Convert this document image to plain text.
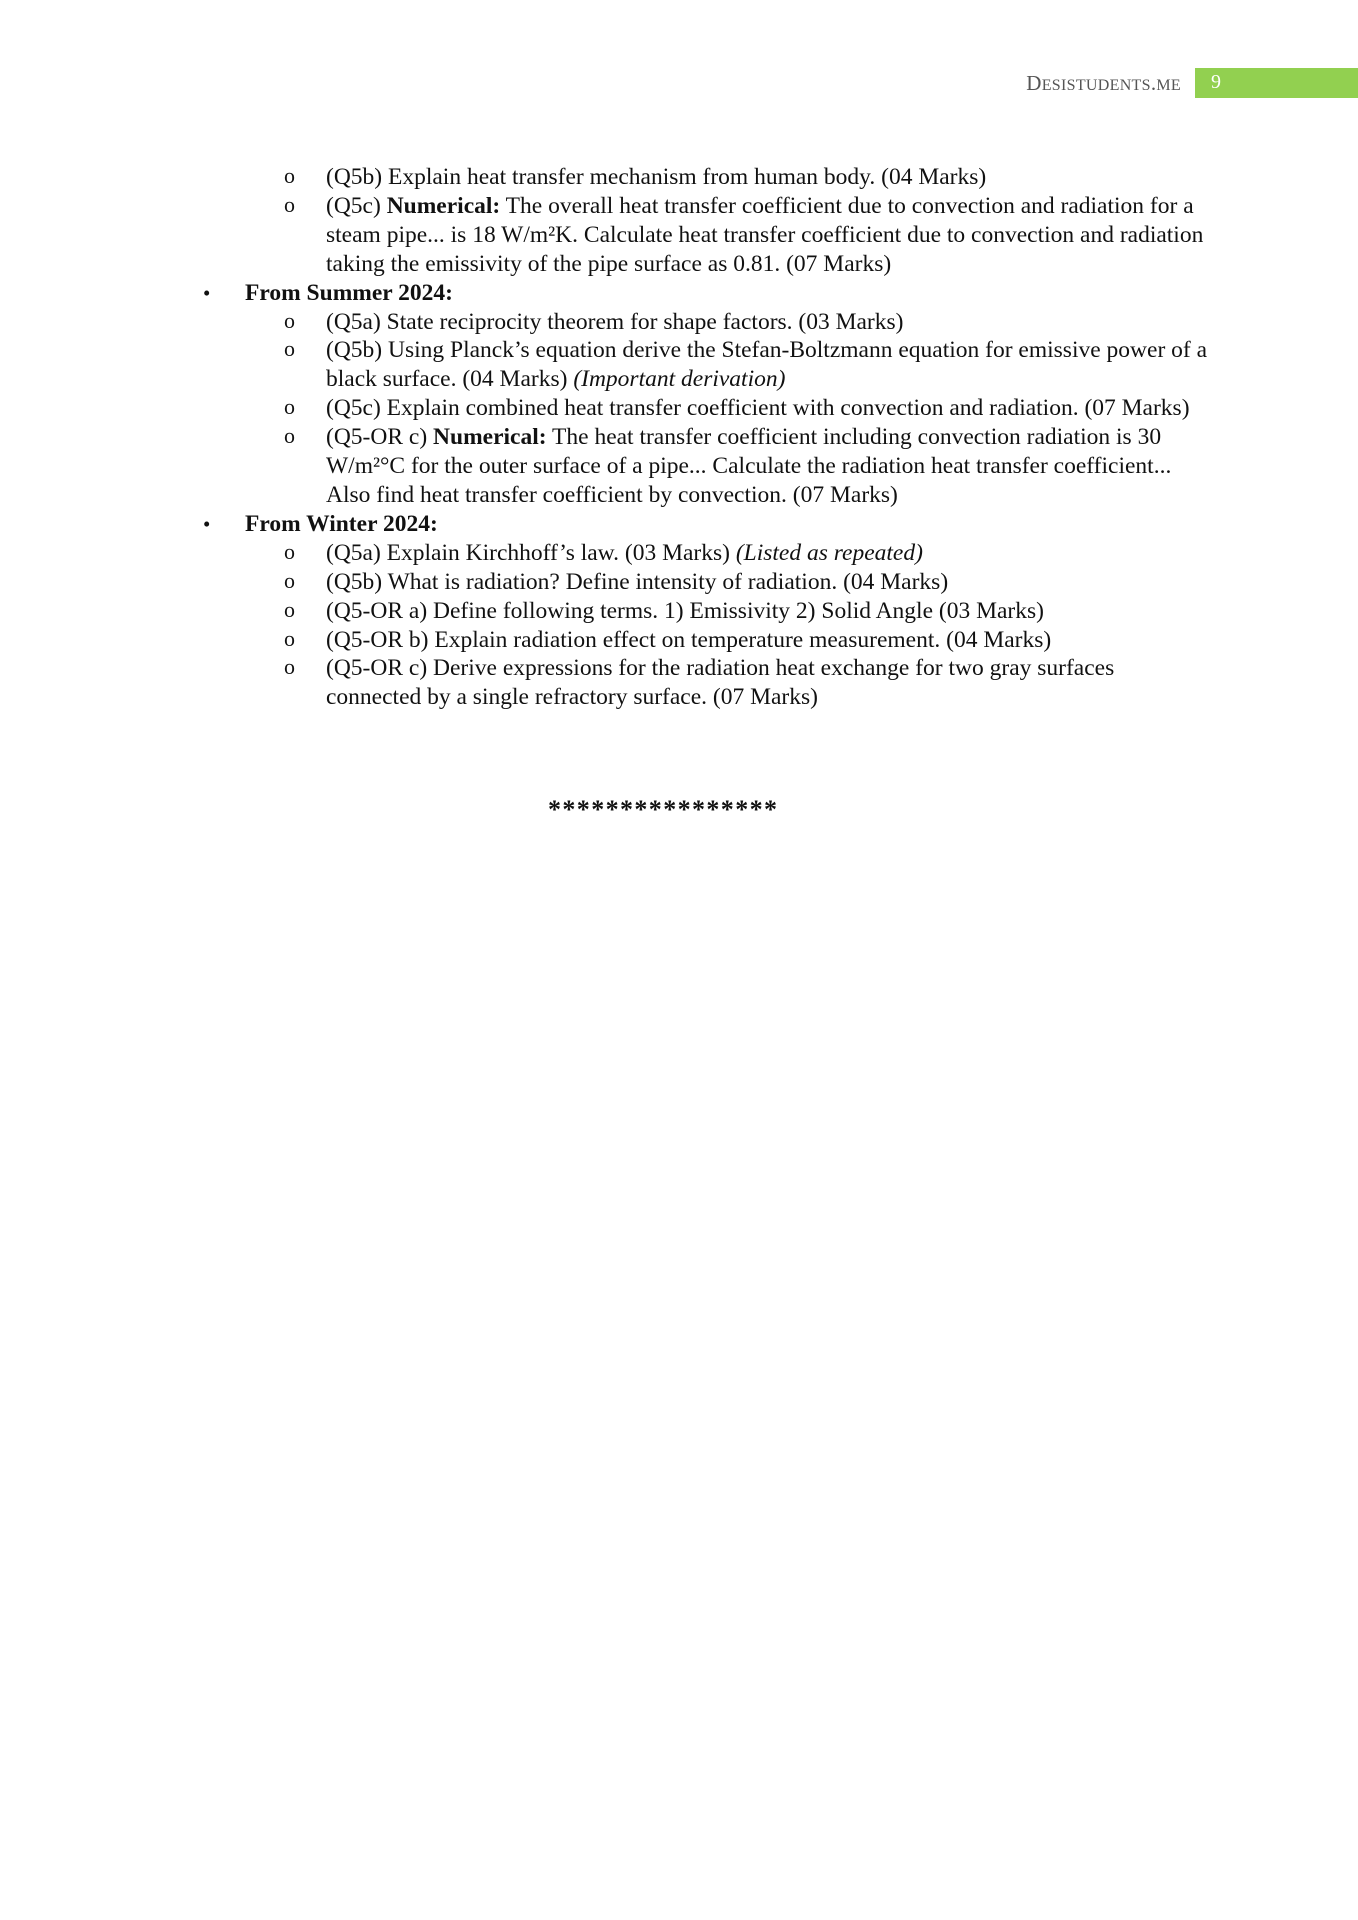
DESISTUDENTS.ME	9
o (Q5b) Explain heat transfer mechanism from human body. (04 Marks)
o (Q5c) Numerical: The overall heat transfer coefficient due to convection and radiation for a steam pipe... is 18 W/m²K. Calculate heat transfer coefficient due to convection and radiation taking the emissivity of the pipe surface as 0.81. (07 Marks)
• From Summer 2024:
o (Q5a) State reciprocity theorem for shape factors. (03 Marks)
o (Q5b) Using Planck’s equation derive the Stefan-Boltzmann equation for emissive power of a black surface. (04 Marks) (Important derivation)
o (Q5c) Explain combined heat transfer coefficient with convection and radiation. (07 Marks)
o (Q5-OR c) Numerical: The heat transfer coefficient including convection radiation is 30 W/m²°C for the outer surface of a pipe... Calculate the radiation heat transfer coefficient... Also find heat transfer coefficient by convection. (07 Marks)
• From Winter 2024:
o (Q5a) Explain Kirchhoff’s law. (03 Marks) (Listed as repeated)
o (Q5b) What is radiation? Define intensity of radiation. (04 Marks)
o (Q5-OR a) Define following terms. 1) Emissivity 2) Solid Angle (03 Marks)
o (Q5-OR b) Explain radiation effect on temperature measurement. (04 Marks)
o (Q5-OR c) Derive expressions for the radiation heat exchange for two gray surfaces connected by a single refractory surface. (07 Marks)
****************
